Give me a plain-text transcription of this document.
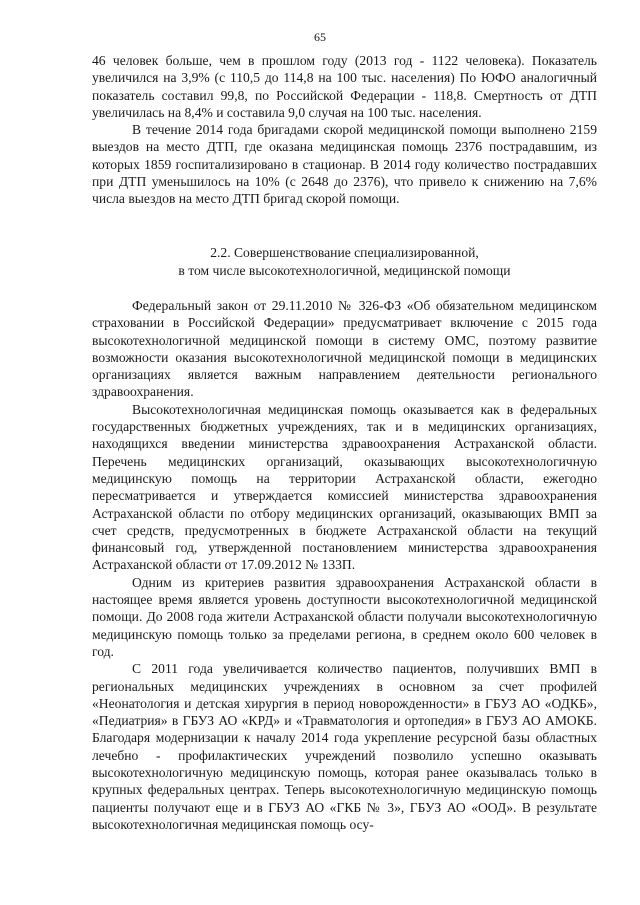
65

46 человек больше, чем в прошлом году (2013 год - 1122 человека). Показатель увеличился на 3,9% (с 110,5 до 114,8 на 100 тыс. населения) По ЮФО аналогичный показатель составил 99,8, по Российской Федерации - 118,8. Смертность от ДТП увеличилась на 8,4% и составила 9,0 случая на 100 тыс. населения.

В течение 2014 года бригадами скорой медицинской помощи выполнено 2159 выездов на место ДТП, где оказана медицинская помощь 2376 пострадавшим, из которых 1859 госпитализировано в стационар. В 2014 году количество пострадавших при ДТП уменьшилось на 10% (с 2648 до 2376), что привело к снижению на 7,6% числа выездов на место ДТП бригад скорой помощи.

2.2. Совершенствование специализированной,
в том числе высокотехнологичной, медицинской помощи

Федеральный закон от 29.11.2010 № 326-ФЗ «Об обязательном медицинском страховании в Российской Федерации» предусматривает включение с 2015 года высокотехнологичной медицинской помощи в систему ОМС, поэтому развитие возможности оказания высокотехнологичной медицинской помощи в медицинских организациях является важным направлением деятельности регионального здравоохранения.

Высокотехнологичная медицинская помощь оказывается как в федеральных государственных бюджетных учреждениях, так и в медицинских организациях, находящихся введении министерства здравоохранения Астраханской области. Перечень медицинских организаций, оказывающих высокотехнологичную медицинскую помощь на территории Астраханской области, ежегодно пересматривается и утверждается комиссией министерства здравоохранения Астраханской области по отбору медицинских организаций, оказывающих ВМП за счет средств, предусмотренных в бюджете Астраханской области на текущий финансовый год, утвержденной постановлением министерства здравоохранения Астраханской области от 17.09.2012 № 133П.

Одним из критериев развития здравоохранения Астраханской области в настоящее время является уровень доступности высокотехнологичной медицинской помощи. До 2008 года жители Астраханской области получали высокотехнологичную медицинскую помощь только за пределами региона, в среднем около 600 человек в год.

С 2011 года увеличивается количество пациентов, получивших ВМП в региональных медицинских учреждениях в основном за счет профилей «Неонатология и детская хирургия в период новорожденности» в ГБУЗ АО «ОДКБ», «Педиатрия» в ГБУЗ АО «КРД» и «Травматология и ортопедия» в ГБУЗ АО АМОКБ. Благодаря модернизации к началу 2014 года укрепление ресурсной базы областных лечебно - профилактических учреждений позволило успешно оказывать высокотехнологичную медицинскую помощь, которая ранее оказывалась только в крупных федеральных центрах. Теперь высокотехнологичную медицинскую помощь пациенты получают еще и в ГБУЗ АО «ГКБ № 3», ГБУЗ АО «ООД». В результате высокотехнологичная медицинская помощь осу-
